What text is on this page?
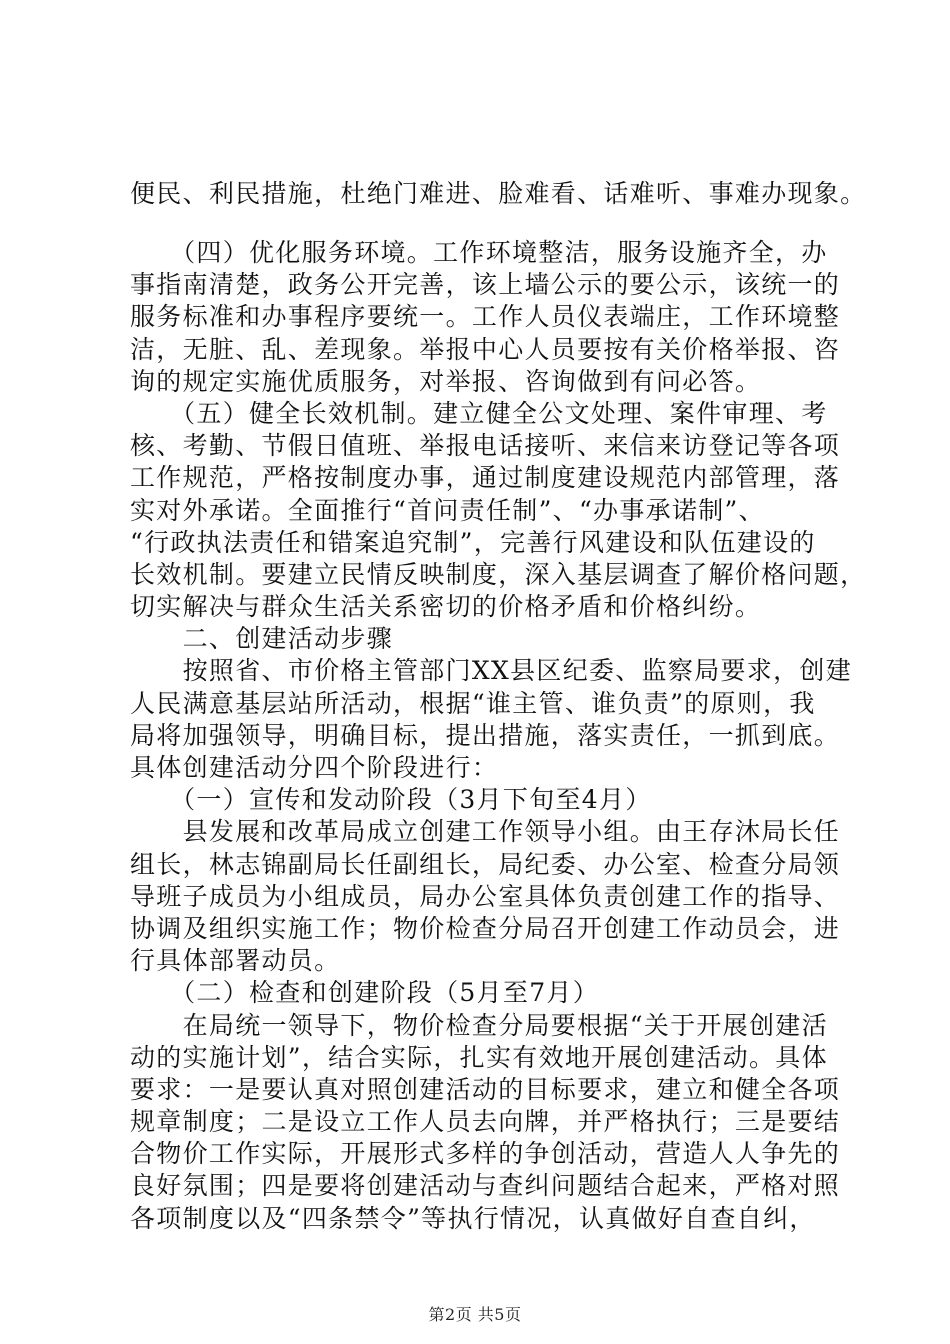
便民、利民措施，杜绝门难进、脸难看、话难听、事难办现象。
　　（四）优化服务环境。工作环境整洁，服务设施齐全，办
事指南清楚，政务公开完善，该上墙公示的要公示，该统一的
服务标准和办事程序要统一。工作人员仪表端庄，工作环境整
洁，无脏、乱、差现象。举报中心人员要按有关价格举报、咨
询的规定实施优质服务，对举报、咨询做到有问必答。
　　（五）健全长效机制。建立健全公文处理、案件审理、考
核、考勤、节假日值班、举报电话接听、来信来访登记等各项
工作规范，严格按制度办事，通过制度建设规范内部管理，落
实对外承诺。全面推行“首问责任制”、“办事承诺制”、
“行政执法责任和错案追究制”，完善行风建设和队伍建设的
长效机制。要建立民情反映制度，深入基层调查了解价格问题，
切实解决与群众生活关系密切的价格矛盾和价格纠纷。
　　二、创建活动步骤
　　按照省、市价格主管部门XX县区纪委、监察局要求，创建
人民满意基层站所活动，根据“谁主管、谁负责”的原则，我
局将加强领导，明确目标，提出措施，落实责任，一抓到底。
具体创建活动分四个阶段进行：
　　（一）宣传和发动阶段（3月下旬至4月）
　　县发展和改革局成立创建工作领导小组。由王存沐局长任
组长，林志锦副局长任副组长，局纪委、办公室、检查分局领
导班子成员为小组成员，局办公室具体负责创建工作的指导、
协调及组织实施工作；物价检查分局召开创建工作动员会，进
行具体部署动员。
　　（二）检查和创建阶段（5月至7月）
　　在局统一领导下，物价检查分局要根据“关于开展创建活
动的实施计划”，结合实际，扎实有效地开展创建活动。具体
要求：一是要认真对照创建活动的目标要求，建立和健全各项
规章制度；二是设立工作人员去向牌，并严格执行；三是要结
合物价工作实际，开展形式多样的争创活动，营造人人争先的
良好氛围；四是要将创建活动与查纠问题结合起来，严格对照
各项制度以及“四条禁令”等执行情况，认真做好自查自纠，
第2页 共5页
